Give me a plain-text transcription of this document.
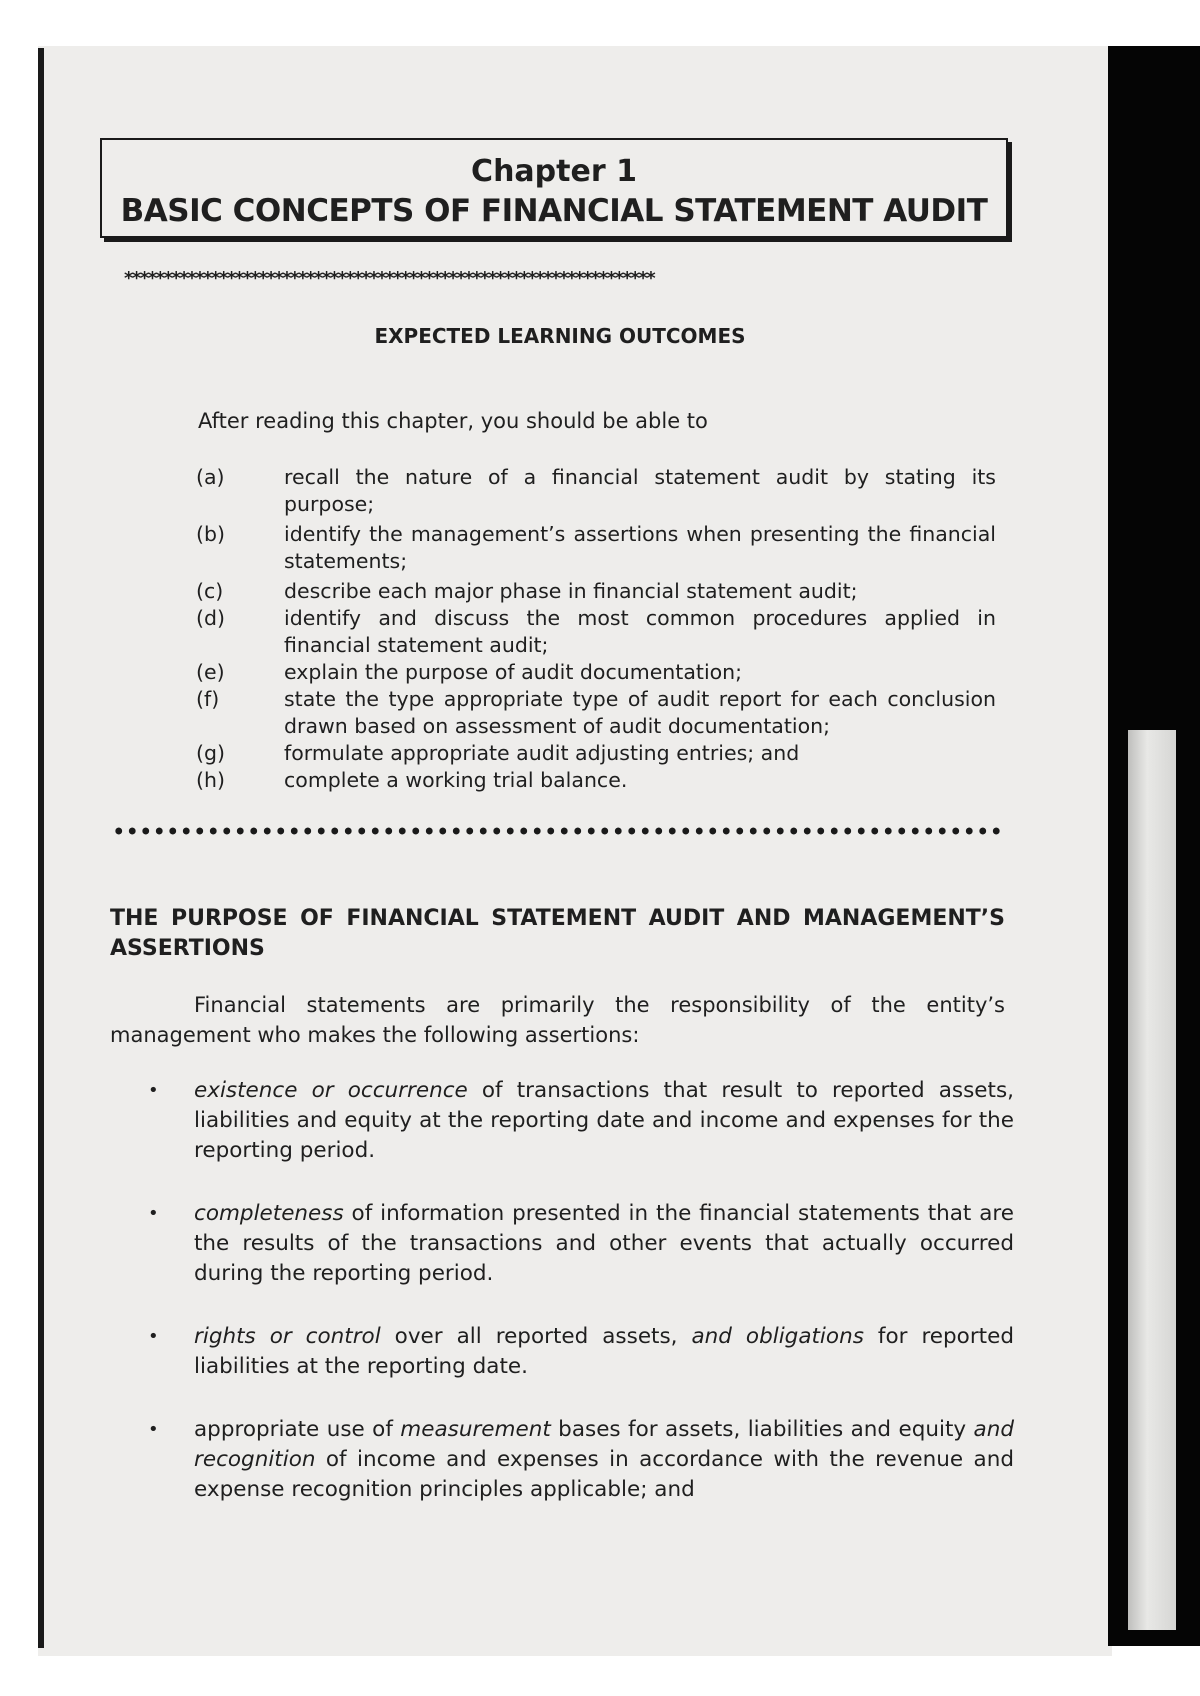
Chapter 1
BASIC CONCEPTS OF FINANCIAL STATEMENT AUDIT
*******************************************************************
EXPECTED LEARNING OUTCOMES
After reading this chapter, you should be able to
(a)	recall the nature of a financial statement audit by stating its purpose;
(b)	identify the management’s assertions when presenting the financial statements;
(c)	describe each major phase in financial statement audit;
(d)	identify and discuss the most common procedures applied in financial statement audit;
(e)	explain the purpose of audit documentation;
(f)	state the type appropriate type of audit report for each conclusion drawn based on assessment of audit documentation;
(g)	formulate appropriate audit adjusting entries; and
(h)	complete a working trial balance.
THE PURPOSE OF FINANCIAL STATEMENT AUDIT AND MANAGEMENT’S ASSERTIONS
Financial statements are primarily the responsibility of the entity’s management who makes the following assertions:
•	existence or occurrence of transactions that result to reported assets, liabilities and equity at the reporting date and income and expenses for the reporting period.
•	completeness of information presented in the financial statements that are the results of the transactions and other events that actually occurred during the reporting period.
•	rights or control over all reported assets, and obligations for reported liabilities at the reporting date.
•	appropriate use of measurement bases for assets, liabilities and equity and recognition of income and expenses in accordance with the revenue and expense recognition principles applicable; and
